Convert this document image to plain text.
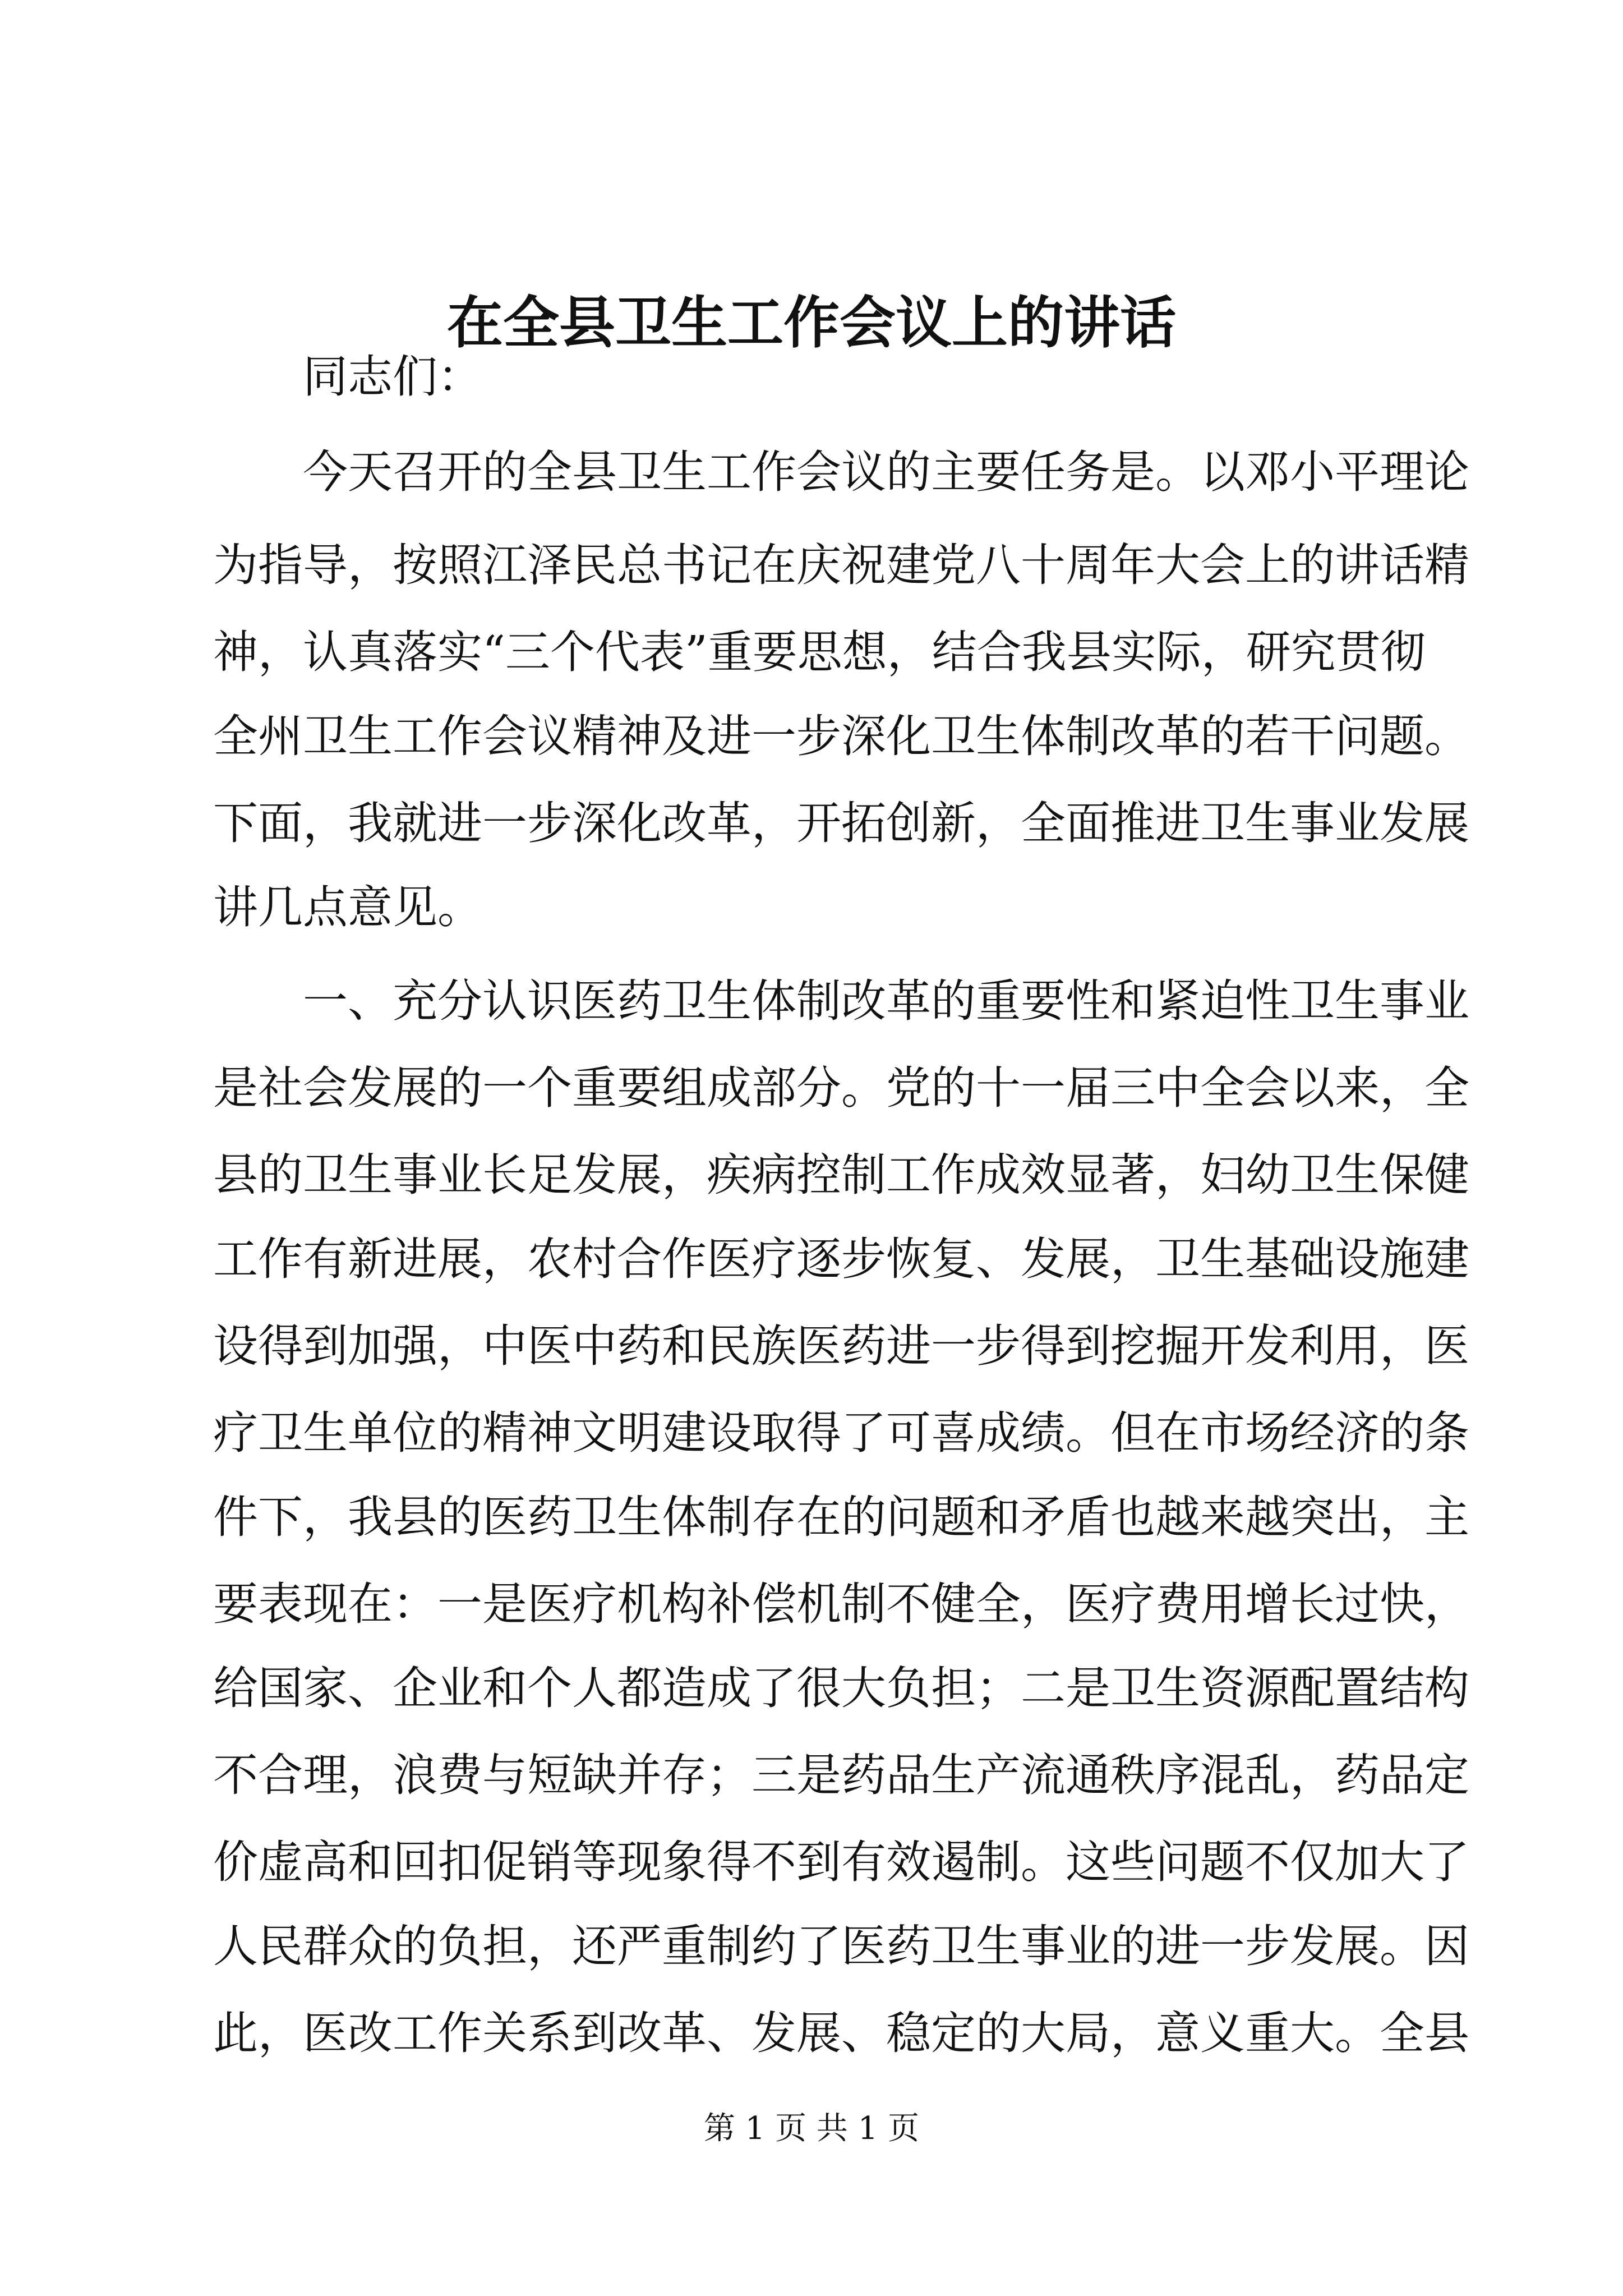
在全县卫生工作会议上的讲话

同志们：

今天召开的全县卫生工作会议的主要任务是。以邓小平理论

为指导，按照江泽民总书记在庆祝建党八十周年大会上的讲话精

神，认真落实“三个代表”重要思想，结合我县实际，研究贯彻

全州卫生工作会议精神及进一步深化卫生体制改革的若干问题。

下面，我就进一步深化改革，开拓创新，全面推进卫生事业发展

讲几点意见。

一、充分认识医药卫生体制改革的重要性和紧迫性卫生事业

是社会发展的一个重要组成部分。党的十一届三中全会以来，全

县的卫生事业长足发展，疾病控制工作成效显著，妇幼卫生保健

工作有新进展，农村合作医疗逐步恢复、发展，卫生基础设施建

设得到加强，中医中药和民族医药进一步得到挖掘开发利用，医

疗卫生单位的精神文明建设取得了可喜成绩。但在市场经济的条

件下，我县的医药卫生体制存在的问题和矛盾也越来越突出，主

要表现在：一是医疗机构补偿机制不健全，医疗费用增长过快，

给国家、企业和个人都造成了很大负担；二是卫生资源配置结构

不合理，浪费与短缺并存；三是药品生产流通秩序混乱，药品定

价虚高和回扣促销等现象得不到有效遏制。这些问题不仅加大了

人民群众的负担，还严重制约了医药卫生事业的进一步发展。因

此，医改工作关系到改革、发展、稳定的大局，意义重大。全县

第 1 页 共 1 页
